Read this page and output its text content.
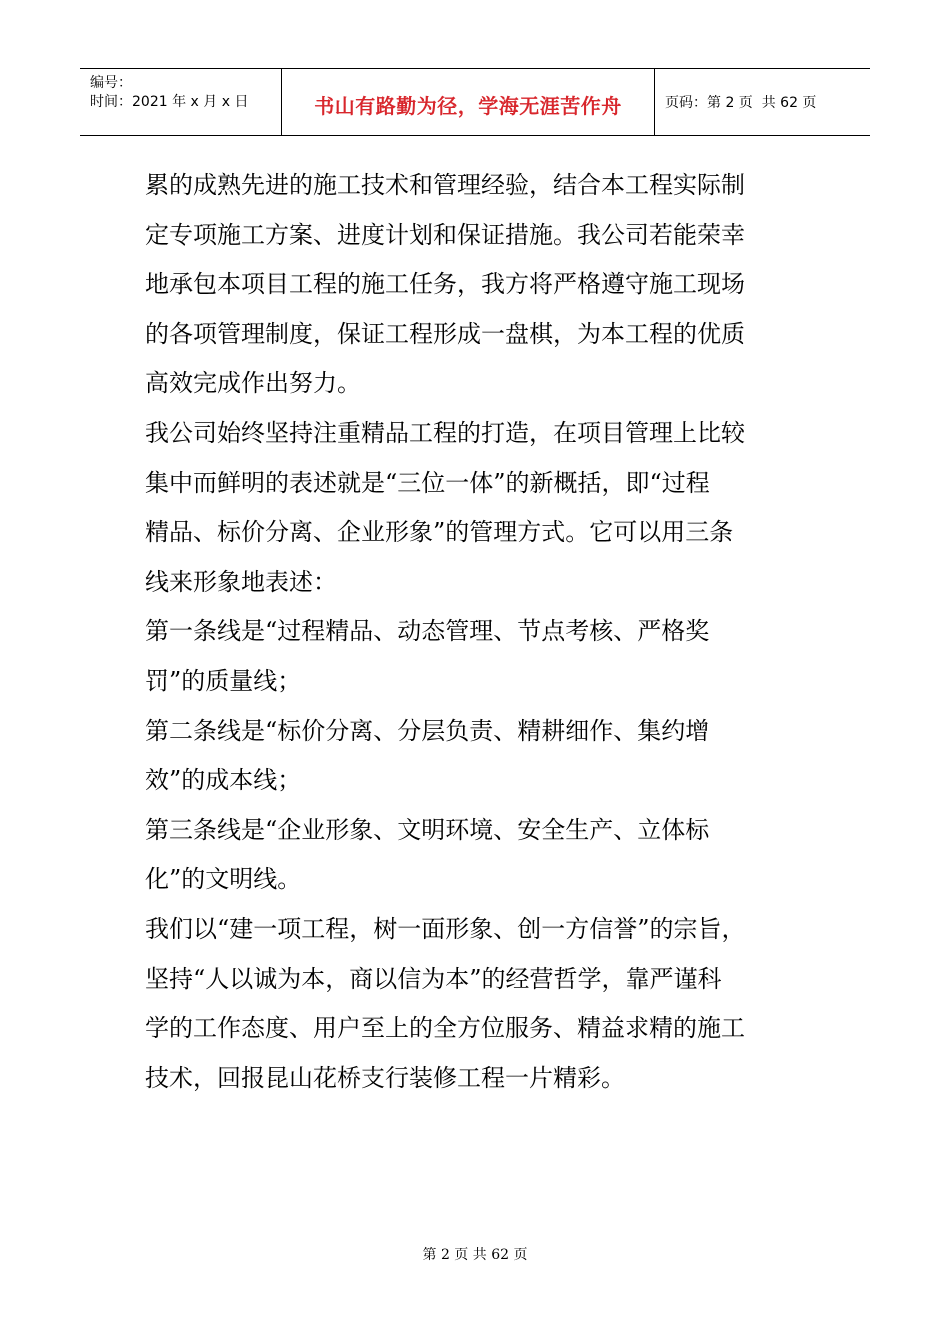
编号：
时间：2021 年 x 月 x 日	书山有路勤为径，学海无涯苦作舟	页码：第 2 页  共 62 页
累的成熟先进的施工技术和管理经验，结合本工程实际制
定专项施工方案、进度计划和保证措施。我公司若能荣幸
地承包本项目工程的施工任务，我方将严格遵守施工现场
的各项管理制度，保证工程形成一盘棋，为本工程的优质
高效完成作出努力。
我公司始终坚持注重精品工程的打造，在项目管理上比较
集中而鲜明的表述就是“三位一体”的新概括，即“过程
精品、标价分离、企业形象”的管理方式。它可以用三条
线来形象地表述：
第一条线是“过程精品、动态管理、节点考核、严格奖
罚”的质量线；
第二条线是“标价分离、分层负责、精耕细作、集约增
效”的成本线；
第三条线是“企业形象、文明环境、安全生产、立体标
化”的文明线。
我们以“建一项工程，树一面形象、创一方信誉”的宗旨，
坚持“人以诚为本，商以信为本”的经营哲学，靠严谨科
学的工作态度、用户至上的全方位服务、精益求精的施工
技术，回报昆山花桥支行装修工程一片精彩。
第 2 页 共 62 页
